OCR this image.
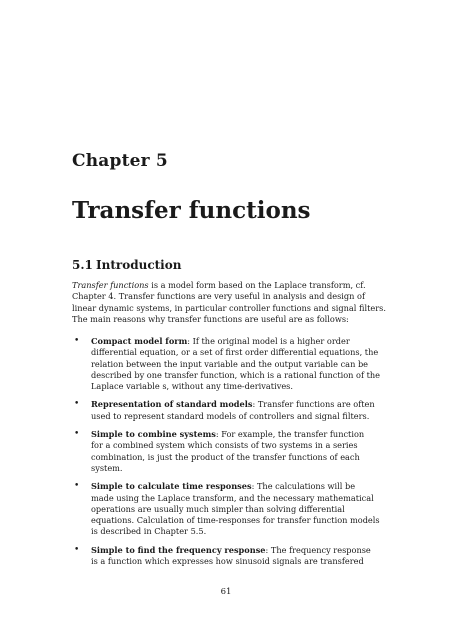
Chapter 5
Transfer functions
5.1 Introduction
Transfer functions is a model form based on the Laplace transform, cf.
Chapter 4. Transfer functions are very useful in analysis and design of
linear dynamic systems, in particular controller functions and signal filters.
The main reasons why transfer functions are useful are as follows:
• Compact model form: If the original model is a higher order
differential equation, or a set of first order differential equations, the
relation between the input variable and the output variable can be
described by one transfer function, which is a rational function of the
Laplace variable s, without any time-derivatives.
• Representation of standard models: Transfer functions are often
used to represent standard models of controllers and signal filters.
• Simple to combine systems: For example, the transfer function
for a combined system which consists of two systems in a series
combination, is just the product of the transfer functions of each
system.
• Simple to calculate time responses: The calculations will be
made using the Laplace transform, and the necessary mathematical
operations are usually much simpler than solving differential
equations. Calculation of time-responses for transfer function models
is described in Chapter 5.5.
• Simple to find the frequency response: The frequency response
is a function which expresses how sinusoid signals are transfered
61
